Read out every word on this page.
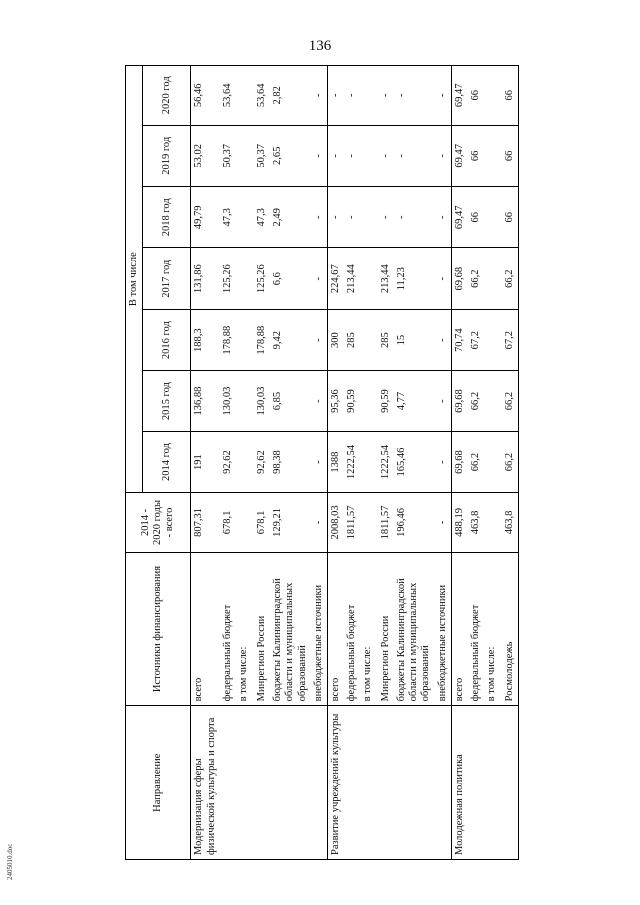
136
2405010.doc
Направление	Источники финансирования	2014 - 2020 годы - всего	В том числе						
			2014 год	2015 год	2016 год	2017 год	2018 год	2019 год	2020 год
Модернизация сферы физической культуры и спорта	всего	807,31	191	136,88	188,3	131,86	49,79	53,02	56,46
	федеральный бюджет	678,1	92,62	130,03	178,88	125,26	47,3	50,37	53,64
	в том числе:								
	Минрегион России	678,1	92,62	130,03	178,88	125,26	47,3	50,37	53,64
	бюджеты Калининградской области и муниципальных образований	129,21	98,38	6,85	9,42	6,6	2,49	2,65	2,82
	внебюджетные источники	-	-	-	-	-	-	-	-
Развитие учреждений культуры	всего	2008,03	1388	95,36	300	224,67	-	-	-
	федеральный бюджет	1811,57	1222,54	90,59	285	213,44	-	-	-
	в том числе:								
	Минрегион России	1811,57	1222,54	90,59	285	213,44	-	-	-
	бюджеты Калининградской области и муниципальных образований	196,46	165,46	4,77	15	11,23	-	-	-
	внебюджетные источники	-	-	-	-	-	-	-	-
Молодежная политика	всего	488,19	69,68	69,68	70,74	69,68	69,47	69,47	69,47
	федеральный бюджет	463,8	66,2	66,2	67,2	66,2	66	66	66
	в том числе:								
	Росмолодежь	463,8	66,2	66,2	67,2	66,2	66	66	66
